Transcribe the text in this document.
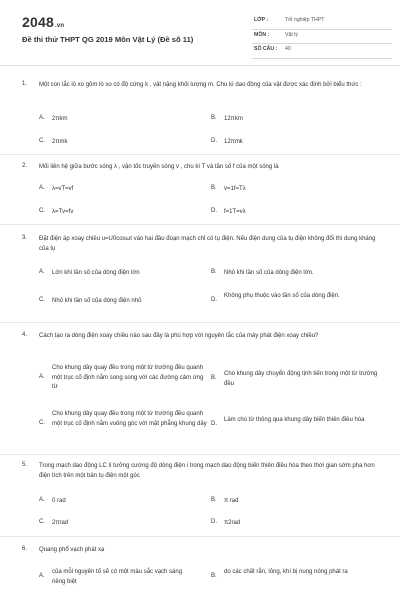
2048.vn
Đề thi thử THPT QG 2019 Môn Vật Lý (Đề số 11)
LỚP :	Tốt nghiệp THPT
MÔN :	Vật lý
SỐ CÂU : 40
1. Một con lắc lò xo gồm lò xo có độ cứng k , vật nặng khối lượng m. Chu kì dao động của vật được xác định bởi biểu thức :
A. 2πkm	B. 12πkm
C. 2πmk	D. 12πmk
2. Mối liên hệ giữa bước sóng λ , vận tốc truyền sóng v , chu kì T và tần số f của một sóng là
A. λ=vT=vf	B. v=1f=Tλ
C. λ=Tv=fv	D. f=1T=vλ
3. Đặt điện áp xoay chiều u=U0cosωt vào hai đầu đoạn mạch chỉ có tụ điện. Nếu điện dung của tụ điện không đổi thì dung kháng của tụ
A. Lớn khi tần số của dòng điện lớn	B. Nhỏ khi tần số của dòng điện lớn.
C. Nhỏ khi tần số của dòng điện nhỏ	D.
Không phụ thuộc vào tần số của dòng điện.
4. Cách tạo ra dòng điện xoay chiều nào sau đây là phù hợp với nguyên tắc của máy phát điện xoay chiều?
A.
Cho khung dây quay đều trong một từ trường đều quanh một trục cố định nằm song song với các đường cảm ứng từ
B.
Cho khung dây chuyển động tịnh tiến trong một từ trường đều
C.
Cho khung dây quay đều trong một từ trường đều quanh một trục cố định nằm vuông góc với mặt phẳng khung dây D.
Làm cho từ thông qua khung dây biến thiên điều hòa
5. Trong mạch dao động LC lí tưởng cường độ dòng điện i trong mạch dao động biến thiên điều hòa theo thời gian sớm pha hơn điện tích trên một bản tụ điện một góc
A. 0 rad	B. π rad
C. 2πrad	D. π2rad
6. Quang phổ vạch phát xạ
A.
của mỗi nguyên tố sẽ có một màu sắc vạch sáng riêng biệt
B.
do các chất rắn, lỏng, khí bị nung nóng phát ra
